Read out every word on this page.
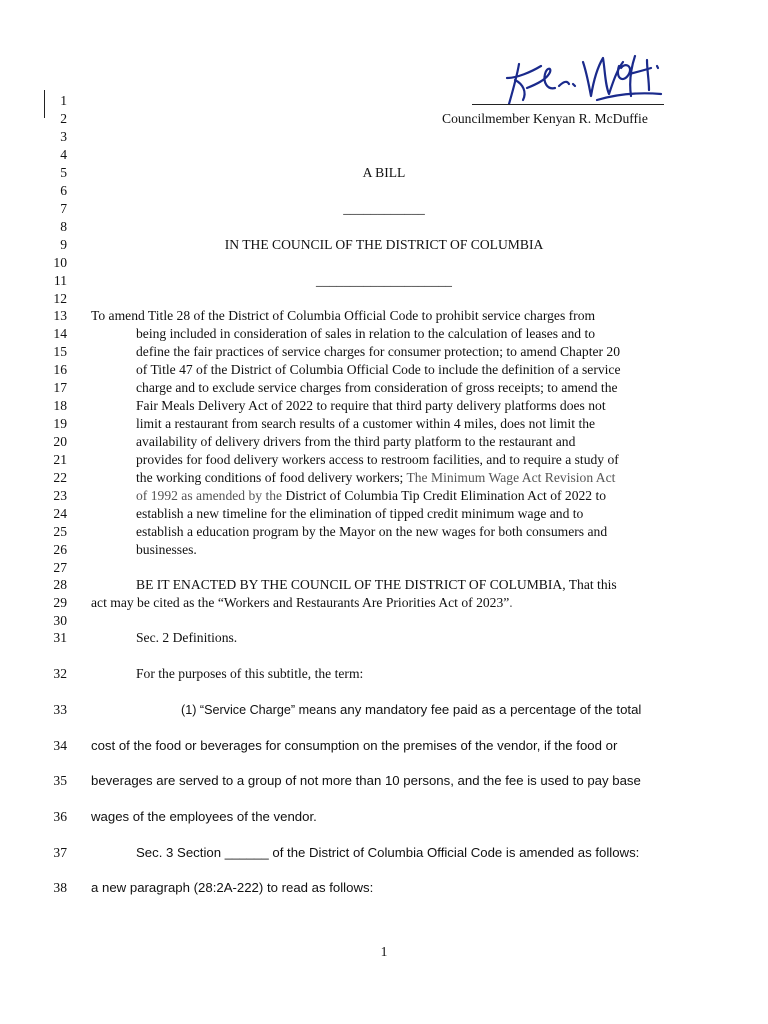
1
2
3
4
5
6
7
8
9
10
11
12
13
14
15
16
17
18
19
20
21
22
23
24
25
26
27
28
29
30
31
32
33
34
35
36
37
38
Councilmember Kenyan R. McDuffie
A BILL
____________
IN THE COUNCIL OF THE DISTRICT OF COLUMBIA
____________________
To amend Title 28 of the District of Columbia Official Code to prohibit service charges from
being included in consideration of sales in relation to the calculation of leases and to
define the fair practices of service charges for consumer protection; to amend Chapter 20
of Title 47 of the District of Columbia Official Code to include the definition of a service
charge and to exclude service charges from consideration of gross receipts; to amend the
Fair Meals Delivery Act of 2022 to require that third party delivery platforms does not
limit a restaurant from search results of a customer within 4 miles, does not limit the
availability of delivery drivers from the third party platform to the restaurant and
provides for food delivery workers access to restroom facilities, and to require a study of
the working conditions of food delivery workers; The Minimum Wage Act Revision Act
of 1992 as amended by the District of Columbia Tip Credit Elimination Act of 2022 to
establish a new timeline for the elimination of tipped credit minimum wage and to
establish a education program by the Mayor on the new wages for both consumers and
businesses.
BE IT ENACTED BY THE COUNCIL OF THE DISTRICT OF COLUMBIA, That this
act may be cited as the “Workers and Restaurants Are Priorities Act of 2023”.
Sec. 2 Definitions.
For the purposes of this subtitle, the term:
(1) “Service Charge” means any mandatory fee paid as a percentage of the total
cost of the food or beverages for consumption on the premises of the vendor, if the food or
beverages are served to a group of not more than 10 persons, and the fee is used to pay base
wages of the employees of the vendor.
Sec. 3 Section ______ of the District of Columbia Official Code is amended as follows:
a new paragraph (28:2A-222) to read as follows:
1
